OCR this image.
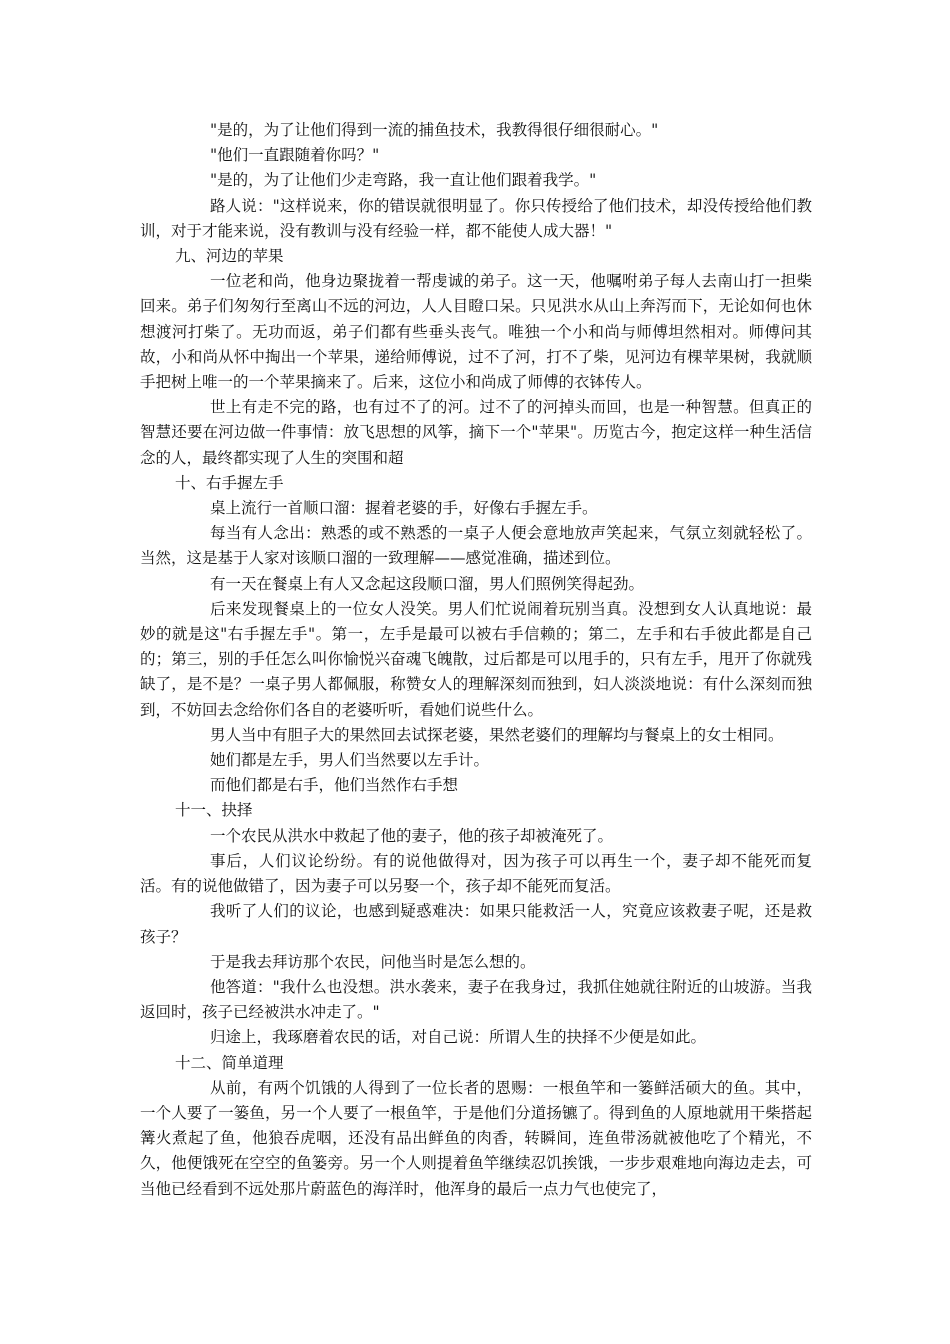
"是的，为了让他们得到一流的捕鱼技术，我教得很仔细很耐心。"

"他们一直跟随着你吗？"

"是的，为了让他们少走弯路，我一直让他们跟着我学。"

路人说："这样说来，你的错误就很明显了。你只传授给了他们技术，却没传授给他们教训，对于才能来说，没有教训与没有经验一样，都不能使人成大器！"

九、河边的苹果

一位老和尚，他身边聚拢着一帮虔诚的弟子。这一天，他嘱咐弟子每人去南山打一担柴回来。弟子们匆匆行至离山不远的河边，人人目瞪口呆。只见洪水从山上奔泻而下，无论如何也休想渡河打柴了。无功而返，弟子们都有些垂头丧气。唯独一个小和尚与师傅坦然相对。师傅问其故，小和尚从怀中掏出一个苹果，递给师傅说，过不了河，打不了柴，见河边有棵苹果树，我就顺手把树上唯一的一个苹果摘来了。后来，这位小和尚成了师傅的衣钵传人。

世上有走不完的路，也有过不了的河。过不了的河掉头而回，也是一种智慧。但真正的智慧还要在河边做一件事情：放飞思想的风筝，摘下一个"苹果"。历览古今，抱定这样一种生活信念的人，最终都实现了人生的突围和超

十、右手握左手

桌上流行一首顺口溜：握着老婆的手，好像右手握左手。

每当有人念出：熟悉的或不熟悉的一桌子人便会意地放声笑起来，气氛立刻就轻松了。当然，这是基于人家对该顺口溜的一致理解——感觉准确，描述到位。

有一天在餐桌上有人又念起这段顺口溜，男人们照例笑得起劲。

后来发现餐桌上的一位女人没笑。男人们忙说闹着玩别当真。没想到女人认真地说：最妙的就是这"右手握左手"。第一，左手是最可以被右手信赖的；第二，左手和右手彼此都是自己的；第三，别的手任怎么叫你愉悦兴奋魂飞魄散，过后都是可以甩手的，只有左手，甩开了你就残缺了，是不是？一桌子男人都佩服，称赞女人的理解深刻而独到，妇人淡淡地说：有什么深刻而独到，不妨回去念给你们各自的老婆听听，看她们说些什么。

男人当中有胆子大的果然回去试探老婆，果然老婆们的理解均与餐桌上的女士相同。

她们都是左手，男人们当然要以左手计。

而他们都是右手，他们当然作右手想

十一、抉择

一个农民从洪水中救起了他的妻子，他的孩子却被淹死了。

事后，人们议论纷纷。有的说他做得对，因为孩子可以再生一个，妻子却不能死而复活。有的说他做错了，因为妻子可以另娶一个，孩子却不能死而复活。

我听了人们的议论，也感到疑惑难决：如果只能救活一人，究竟应该救妻子呢，还是救孩子？

于是我去拜访那个农民，问他当时是怎么想的。

他答道："我什么也没想。洪水袭来，妻子在我身过，我抓住她就往附近的山坡游。当我返回时，孩子已经被洪水冲走了。"

归途上，我琢磨着农民的话，对自己说：所谓人生的抉择不少便是如此。

十二、简单道理

从前，有两个饥饿的人得到了一位长者的恩赐：一根鱼竿和一篓鲜活硕大的鱼。其中，一个人要了一篓鱼，另一个人要了一根鱼竿，于是他们分道扬镳了。得到鱼的人原地就用干柴搭起篝火煮起了鱼，他狼吞虎咽，还没有品出鲜鱼的肉香，转瞬间，连鱼带汤就被他吃了个精光，不久，他便饿死在空空的鱼篓旁。另一个人则提着鱼竿继续忍饥挨饿，一步步艰难地向海边走去，可当他已经看到不远处那片蔚蓝色的海洋时，他浑身的最后一点力气也使完了，
